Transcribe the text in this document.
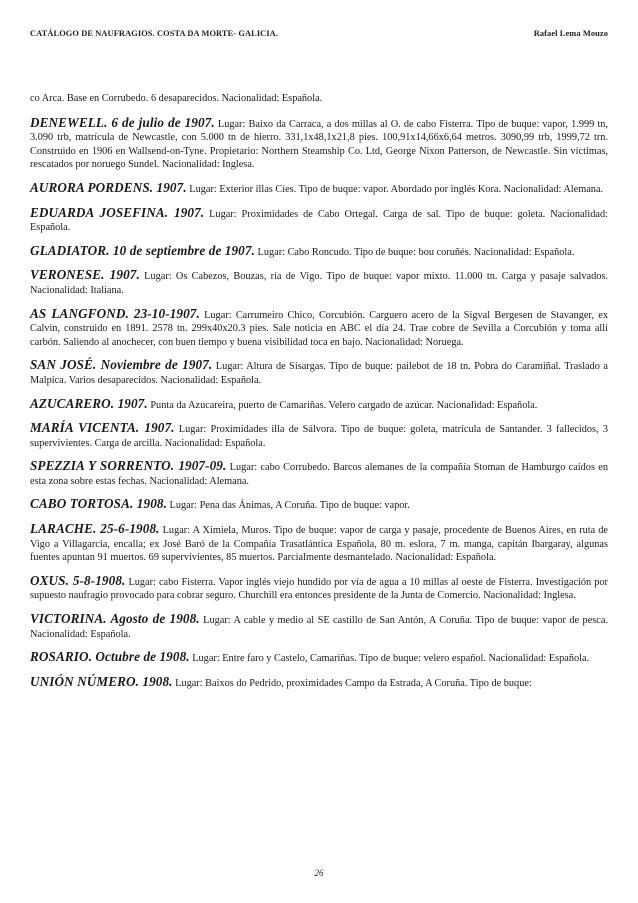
CATÁLOGO DE NAUFRAGIOS. COSTA DA MORTE- GALICIA.	Rafael Lema Mouzo

co Arca. Base en Corrubedo. 6 desaparecidos. Nacionalidad: Española.

DENEWELL. 6 de julio de 1907. Lugar: Baixo da Carraca, a dos millas al O. de cabo Fisterra. Tipo de buque: vapor, 1.999 tn, 3.090 trb, matrícula de Newcastle, con 5.000 tn de hierro. 331,1x48,1x21,8 pies. 100,91x14,66x6,64 metros. 3090,99 trb, 1999,72 trn. Construido en 1906 en Wallsend-on-Tyne. Propietario: Northern Steamship Co. Ltd, George Nixon Patterson, de Newcastle. Sin víctimas, rescatados por noruego Sundel. Nacionalidad: Inglesa.

AURORA PORDENS. 1907. Lugar: Exterior illas Cíes. Tipo de buque: vapor. Abordado por inglés Kora. Nacionalidad: Alemana.

EDUARDA JOSEFINA. 1907. Lugar: Proximidades de Cabo Ortegal. Carga de sal. Tipo de buque: goleta. Nacionalidad: Española.

GLADIATOR. 10 de septiembre de 1907. Lugar: Cabo Roncudo. Tipo de buque: bou coruñés. Nacionalidad: Española.

VERONESE. 1907. Lugar: Os Cabezos, Bouzas, ría de Vigo. Tipo de buque: vapor mixto. 11.000 tn. Carga y pasaje salvados. Nacionalidad: Italiana.

AS LANGFOND. 23-10-1907. Lugar: Carrumeiro Chico, Corcubión. Carguero acero de la Sigval Bergesen de Stavanger, ex Calvin, construido en 1891. 2578 tn. 299x40x20.3 pies. Sale noticia en ABC el día 24. Trae cobre de Sevilla a Corcubión y toma allí carbón. Saliendo al anochecer, con buen tiempo y buena visibilidad toca en bajo. Nacionalidad: Noruega.

SAN JOSÉ. Noviembre de 1907. Lugar: Altura de Sisargas. Tipo de buque: pailebot de 18 tn. Pobra do Caramiñal. Traslado a Malpica. Varios desaparecidos. Nacionalidad: Española.

AZUCARERO. 1907. Punta da Azucareira, puerto de Camariñas. Velero cargado de azúcar. Nacionalidad: Española.

MARÍA VICENTA. 1907. Lugar: Proximidades illa de Sálvora. Tipo de buque: goleta, matrícula de Santander. 3 fallecidos, 3 supervivientes. Carga de arcilla. Nacionalidad: Española.

SPEZZIA Y SORRENTO. 1907-09. Lugar: cabo Corrubedo. Barcos alemanes de la compañía Stoman de Hamburgo caídos en esta zona sobre estas fechas. Nacionalidad: Alemana.

CABO TORTOSA. 1908. Lugar: Pena das Ánimas, A Coruña. Tipo de buque: vapor.

LARACHE. 25-6-1908. Lugar: A Ximiela, Muros. Tipo de buque: vapor de carga y pasaje, procedente de Buenos Aires, en ruta de Vigo a Villagarcia, encalla; ex José Baró de la Compañía Trasatlántica Española, 80 m. eslora, 7 m. manga, capitán Ibargaray, algunas fuentes apuntan 91 muertos. 69 supervivientes, 85 muertos. Parcialmente desmantelado. Nacionalidad: Española.

OXUS. 5-8-1908. Lugar: cabo Fisterra. Vapor inglés viejo hundido por vía de agua a 10 millas al oeste de Fisterra. Investigación por supuesto naufragio provocado para cobrar seguro. Churchill era entonces presidente de la Junta de Comercio. Nacionalidad: Inglesa.

VICTORINA. Agosto de 1908. Lugar: A cable y medio al SE castillo de San Antón, A Coruña. Tipo de buque: vapor de pesca. Nacionalidad: Española.

ROSARIO. Octubre de 1908. Lugar: Entre faro y Castelo, Camariñas. Tipo de buque: velero español. Nacionalidad: Española.

UNIÓN NÚMERO. 1908. Lugar: Baixos do Pedrido, proximidades Campo da Estrada, A Coruña. Tipo de buque:

26
